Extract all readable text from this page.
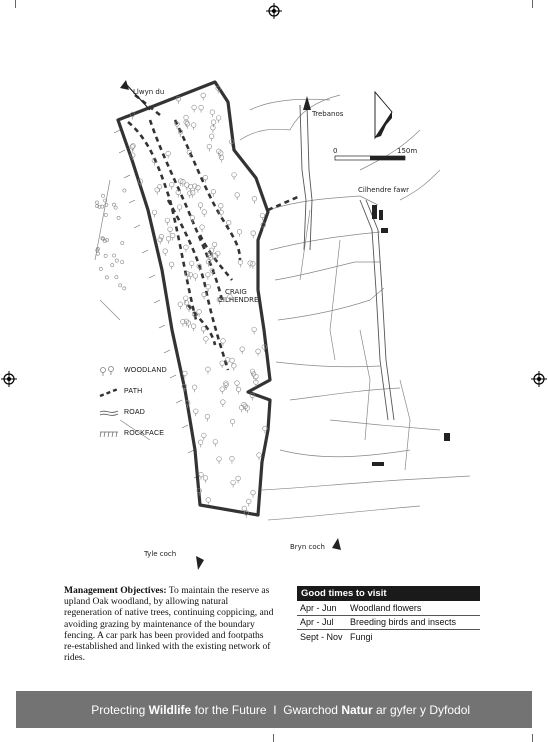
0	150m
Llwyn du
Trebanos
Cilhendre fawr
CRAIG
CILHENDRE
Tyle coch
Bryn coch
WOODLAND
PATH
ROAD
ROCKFACE
Management Objectives: To maintain the reserve as upland Oak woodland, by allowing natural regeneration of native trees, continuing coppicing, and avoiding grazing by maintenance of the boundary fencing. A car park has been provided and footpaths re-established and linked with the existing network of rides.
Good times to visit
Apr - Jun	Woodland flowers
Apr - Jul	Breeding birds and insects
Sept - Nov Fungi

Protecting Wildlife for the Future  I  Gwarchod Natur ar gyfer y Dyfodol
